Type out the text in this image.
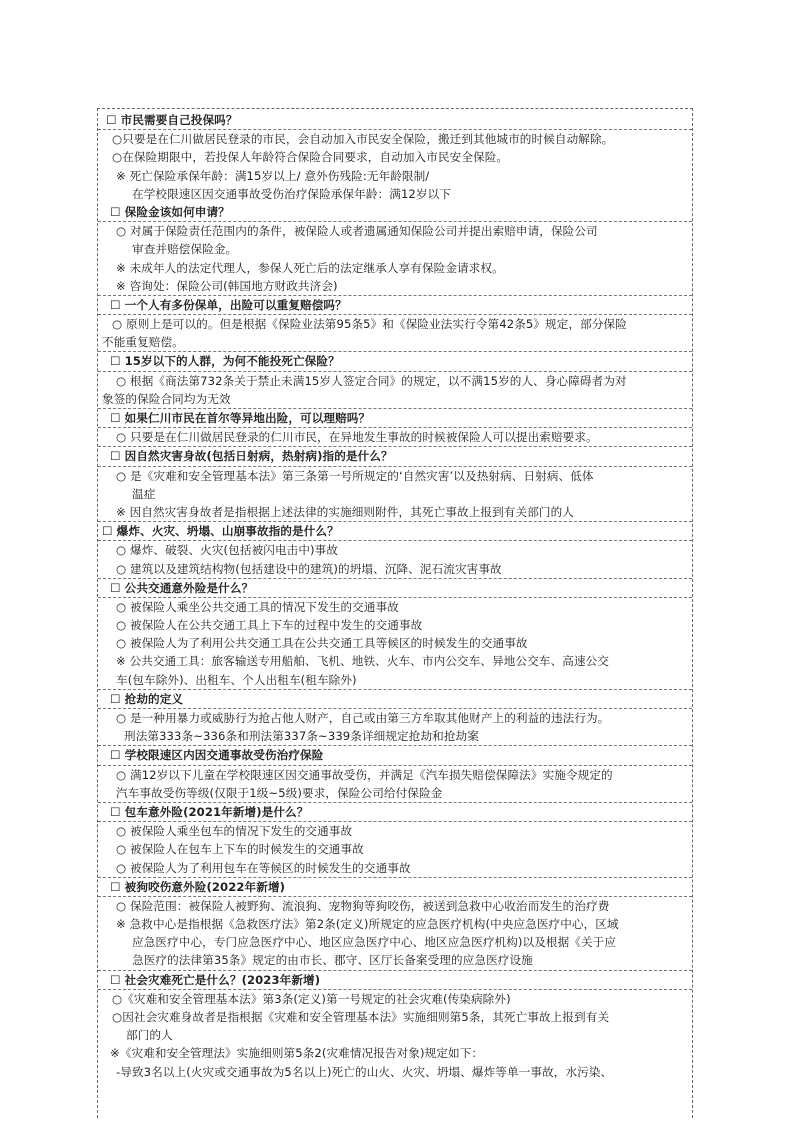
☐ 市民需要自己投保吗？
○只要是在仁川做居民登录的市民，会自动加入市民安全保险，搬迁到其他城市的时候自动解除。
○在保险期限中，若投保人年龄符合保险合同要求，自动加入市民安全保险。
※ 死亡保险承保年龄：满15岁以上/ 意外伤残险:无年龄限制/
在学校限速区因交通事故受伤治疗保险承保年龄：满12岁以下
☐ 保险金该如何申请？
○ 对属于保险责任范围内的条件，被保险人或者遗属通知保险公司并提出索赔申请，保险公司
审查并赔偿保险金。
※ 未成年人的法定代理人，参保人死亡后的法定继承人享有保险金请求权。
※ 咨询处：保险公司(韩国地方财政共济会)
☐ 一个人有多份保单，出险可以重复赔偿吗？
○ 原则上是可以的。但是根据《保险业法第95条5》和《保险业法实行令第42条5》规定，部分保险
不能重复赔偿。
☐ 15岁以下的人群，为何不能投死亡保险？
○ 根据《商法第732条关于禁止未满15岁人签定合同》的规定，以不满15岁的人、身心障碍者为对
象签的保险合同均为无效
☐ 如果仁川市民在首尔等异地出险，可以理赔吗？
○ 只要是在仁川做居民登录的仁川市民，在异地发生事故的时候被保险人可以提出索赔要求。
☐ 因自然灾害身故(包括日射病，热射病)指的是什么？
○ 是《灾难和安全管理基本法》第三条第一号所规定的‘自然灾害’以及热射病、日射病、低体
温症
※ 因自然灾害身故者是指根据上述法律的实施细则附件，其死亡事故上报到有关部门的人
☐ 爆炸、火灾、坍塌、山崩事故指的是什么？
○ 爆炸、破裂、火灾(包括被闪电击中)事故
○ 建筑以及建筑结构物(包括建设中的建筑)的坍塌、沉降、泥石流灾害事故
☐ 公共交通意外险是什么？
○ 被保险人乘坐公共交通工具的情况下发生的交通事故
○ 被保险人在公共交通工具上下车的过程中发生的交通事故
○ 被保险人为了利用公共交通工具在公共交通工具等候区的时候发生的交通事故
※ 公共交通工具：旅客输送专用船舶、飞机、地铁、火车、市内公交车、异地公交车、高速公交
车(包车除外)、出租车、个人出租车(租车除外)
☐ 抢劫的定义
○ 是一种用暴力或威胁行为抢占他人财产，自己或由第三方牟取其他财产上的利益的违法行为。
刑法第333条~336条和刑法第337条~339条详细规定抢劫和抢劫案
☐ 学校限速区内因交通事故受伤治疗保险
○ 满12岁以下儿童在学校限速区因交通事故受伤，并满足《汽车损失赔偿保障法》实施令规定的
汽车事故受伤等级(仅限于1级~5级)要求，保险公司给付保险金
☐ 包车意外险(2021年新增)是什么？
○ 被保险人乘坐包车的情况下发生的交通事故
○ 被保险人在包车上下车的时候发生的交通事故
○ 被保险人为了利用包车在等候区的时候发生的交通事故
☐ 被狗咬伤意外险(2022年新增)
○ 保险范围：被保险人被野狗、流浪狗、宠物狗等狗咬伤，被送到急救中心收治而发生的治疗费
※ 急救中心是指根据《急救医疗法》第2条(定义)所规定的应急医疗机构(中央应急医疗中心，区域
应急医疗中心，专门应急医疗中心、地区应急医疗中心、地区应急医疗机构)以及根据《关于应
急医疗的法律第35条》规定的由市长、郡守、区厅长备案受理的应急医疗设施
☐ 社会灾难死亡是什么？(2023年新增)
○《灾难和安全管理基本法》第3条(定义)第一号规定的社会灾难(传染病除外)
○因社会灾难身故者是指根据《灾难和安全管理基本法》实施细则第5条，其死亡事故上报到有关
部门的人
※《灾难和安全管理法》实施细则第5条2(灾难情况报告对象)规定如下：
-导致3名以上(火灾或交通事故为5名以上)死亡的山火、火灾、坍塌、爆炸等单一事故，水污染、
